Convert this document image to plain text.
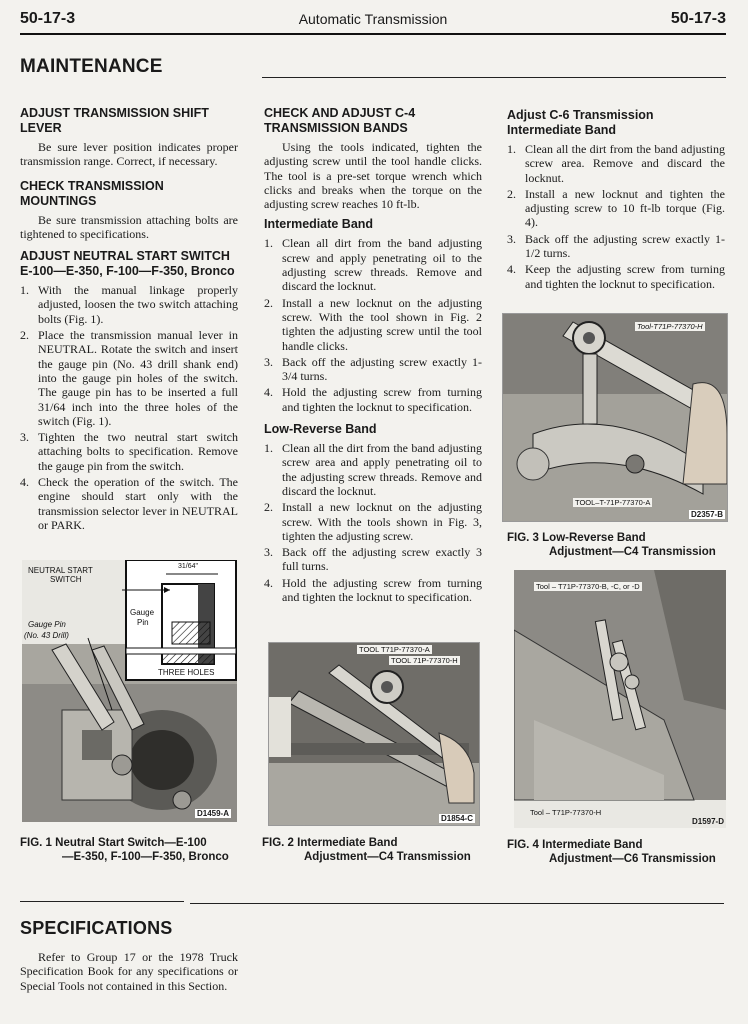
50-17-3	Automatic Transmission	50-17-3
MAINTENANCE
ADJUST TRANSMISSION SHIFT LEVER

Be sure lever position indicates proper transmission range. Correct, if necessary.

CHECK TRANSMISSION MOUNTINGS

Be sure transmission attaching bolts are tightened to specifications.

ADJUST NEUTRAL START SWITCH
E-100—E-350, F-100—F-350, Bronco
1. With the manual linkage properly adjusted, loosen the two switch attaching bolts (Fig. 1).
2. Place the transmission manual lever in NEUTRAL. Rotate the switch and insert the gauge pin (No. 43 drill shank end) into the gauge pin holes of the switch. The gauge pin has to be inserted a full 31/64 inch into the three holes of the switch (Fig. 1).
3. Tighten the two neutral start switch attaching bolts to specification. Remove the gauge pin from the switch.
4. Check the operation of the switch. The engine should start only with the transmission selector lever in NEUTRAL or PARK.
NEUTRAL START
SWITCH
Gauge Pin
(No. 43 Drill)
Gauge
Pin
31/64"
THREE HOLES
D1459-A
FIG. 1 Neutral Start Switch—E-100
—E-350, F-100—F-350, Bronco
CHECK AND ADJUST C-4 TRANSMISSION BANDS

Using the tools indicated, tighten the adjusting screw until the tool handle clicks. The tool is a pre-set torque wrench which clicks and breaks when the torque on the adjusting screw reaches 10 ft-lb.

Intermediate Band
1. Clean all dirt from the band adjusting screw and apply penetrating oil to the adjusting screw threads. Remove and discard the locknut.
2. Install a new locknut on the adjusting screw. With the tool shown in Fig. 2 tighten the adjusting screw until the tool handle clicks.
3. Back off the adjusting screw exactly 1-3/4 turns.
4. Hold the adjusting screw from turning and tighten the locknut to specification.
Low-Reverse Band
1. Clean all the dirt from the band adjusting screw area and apply penetrating oil to the adjusting screw threads. Remove and discard the locknut.
2. Install a new locknut on the adjusting screw. With the tools shown in Fig. 3, tighten the adjusting screw.
3. Back off the adjusting screw exactly 3 full turns.
4. Hold the adjusting screw from turning and tighten the locknut to specification.
TOOL T71P-77370-A
TOOL 71P-77370-H
D1854-C
FIG. 2 Intermediate Band
Adjustment—C4 Transmission
Adjust C-6 Transmission Intermediate Band
1. Clean all the dirt from the band adjusting screw area. Remove and discard the locknut.
2. Install a new locknut and tighten the adjusting screw to 10 ft-lb torque (Fig. 4).
3. Back off the adjusting screw exactly 1-1/2 turns.
4. Keep the adjusting screw from turning and tighten the locknut to specification.
Tool-T71P-77370-H
TOOL–T-71P-77370-A
D2357-B
FIG. 3 Low-Reverse Band
Adjustment—C4 Transmission
Tool – T71P-77370-B, -C, or -D
Tool – T71P-77370-H
D1597-D
FIG. 4 Intermediate Band
Adjustment—C6 Transmission
SPECIFICATIONS

Refer to Group 17 or the 1978 Truck Specification Book for any specifications or Special Tools not contained in this Section.
